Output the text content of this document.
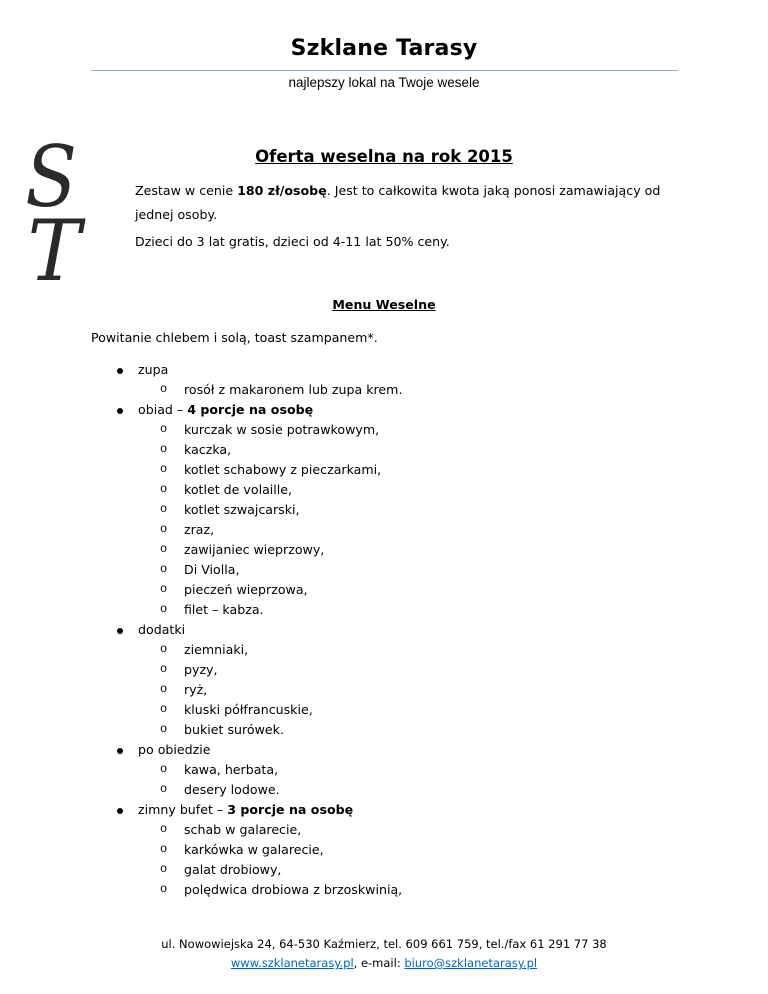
Szklane Tarasy
najlepszy lokal na Twoje wesele
S
T
Oferta weselna na rok 2015
Zestaw w cenie 180 zł/osobę. Jest to całkowita kwota jaką ponosi zamawiający od jednej osoby.
Dzieci do 3 lat gratis, dzieci od 4-11 lat 50% ceny.
Menu Weselne
Powitanie chlebem i solą, toast szampanem*.
zupa
o rosół z makaronem lub zupa krem.
obiad – 4 porcje na osobę
o kurczak w sosie potrawkowym,
o kaczka,
o kotlet schabowy z pieczarkami,
o kotlet de volaille,
o kotlet szwajcarski,
o zraz,
o zawijaniec wieprzowy,
o Di Violla,
o pieczeń wieprzowa,
o filet – kabza.
dodatki
o ziemniaki,
o pyzy,
o ryż,
o kluski półfrancuskie,
o bukiet surówek.
po obiedzie
o kawa, herbata,
o desery lodowe.
zimny bufet – 3 porcje na osobę
o schab w galarecie,
o karkówka w galarecie,
o galat drobiowy,
o polędwica drobiowa z brzoskwinią,
ul. Nowowiejska 24, 64-530 Kaźmierz, tel. 609 661 759, tel./fax 61 291 77 38
www.szklanetarasy.pl, e-mail: biuro@szklanetarasy.pl
